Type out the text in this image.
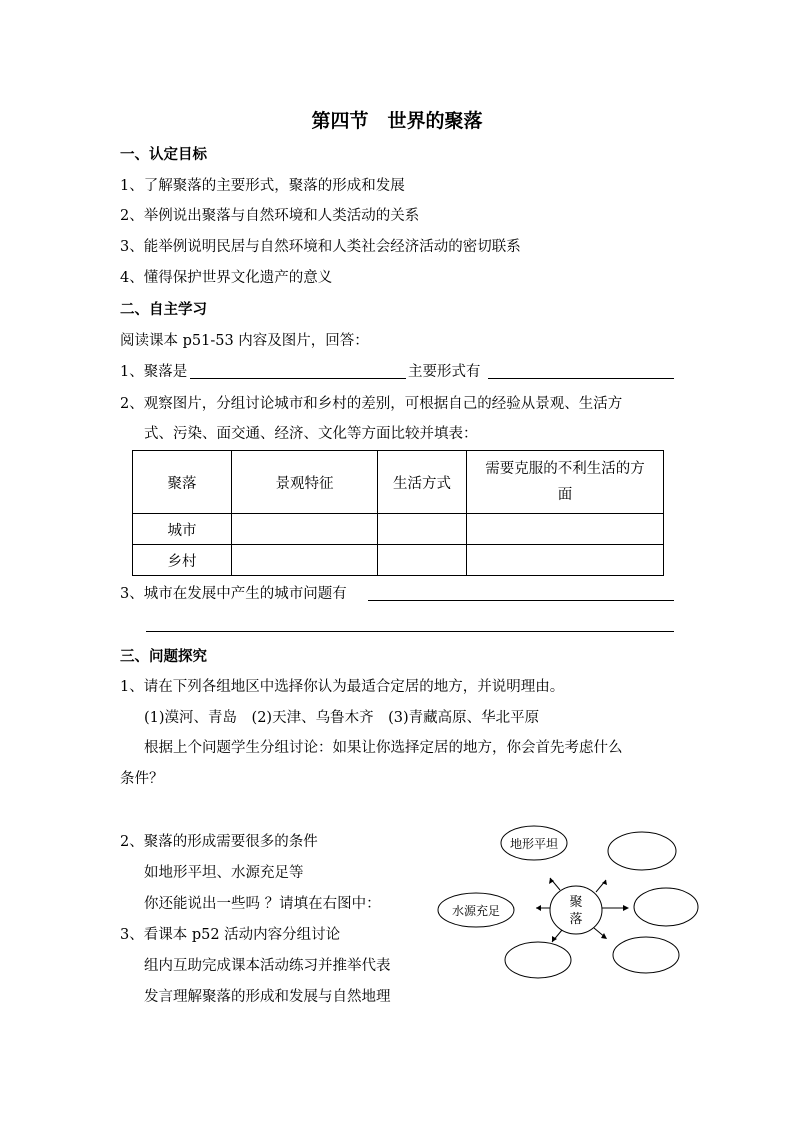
第四节　世界的聚落
一、认定目标
1、了解聚落的主要形式，聚落的形成和发展
2、举例说出聚落与自然环境和人类活动的关系
3、能举例说明民居与自然环境和人类社会经济活动的密切联系
4、懂得保护世界文化遗产的意义
二、自主学习
阅读课本 p51-53 内容及图片，回答：
1、聚落是	主要形式有
2、观察图片，分组讨论城市和乡村的差别，可根据自己的经验从景观、生活方
式、污染、面交通、经济、文化等方面比较并填表：
聚落	景观特征	生活方式	需要克服的不利生活的方
面
城市			
乡村			
3、城市在发展中产生的城市问题有
三、问题探究
1、请在下列各组地区中选择你认为最适合定居的地方，并说明理由。
(1)漠河、青岛　(2)天津、乌鲁木齐　(3)青藏高原、华北平原
根据上个问题学生分组讨论：如果让你选择定居的地方，你会首先考虑什么
条件？
2、聚落的形成需要很多的条件
如地形平坦、水源充足等
你还能说出一些吗 ？请填在右图中：
3、看课本 p52 活动内容分组讨论
组内互助完成课本活动练习并推举代表
发言理解聚落的形成和发展与自然地理
地形平坦
水源充足
聚
落
